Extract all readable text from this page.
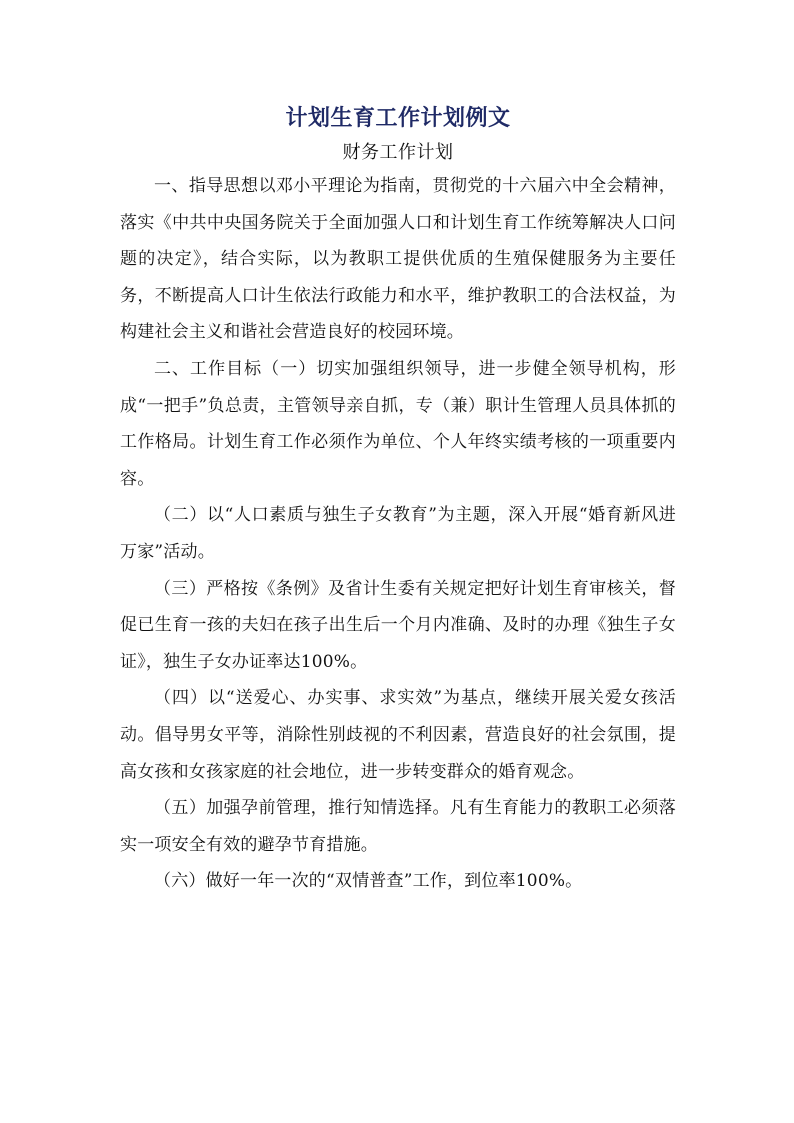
计划生育工作计划例文
财务工作计划

一、指导思想以邓小平理论为指南，贯彻党的十六届六中全会精神，落实《中共中央国务院关于全面加强人口和计划生育工作统筹解决人口问题的决定》，结合实际，以为教职工提供优质的生殖保健服务为主要任务，不断提高人口计生依法行政能力和水平，维护教职工的合法权益，为构建社会主义和谐社会营造良好的校园环境。

二、工作目标（一）切实加强组织领导，进一步健全领导机构，形成“一把手”负总责，主管领导亲自抓，专（兼）职计生管理人员具体抓的工作格局。计划生育工作必须作为单位、个人年终实绩考核的一项重要内容。

（二）以“人口素质与独生子女教育”为主题，深入开展“婚育新风进万家”活动。

（三）严格按《条例》及省计生委有关规定把好计划生育审核关，督促已生育一孩的夫妇在孩子出生后一个月内准确、及时的办理《独生子女证》，独生子女办证率达100%。

（四）以“送爱心、办实事、求实效”为基点，继续开展关爱女孩活动。倡导男女平等，消除性别歧视的不利因素，营造良好的社会氛围，提高女孩和女孩家庭的社会地位，进一步转变群众的婚育观念。

（五）加强孕前管理，推行知情选择。凡有生育能力的教职工必须落实一项安全有效的避孕节育措施。

（六）做好一年一次的“双情普查”工作，到位率100%。
